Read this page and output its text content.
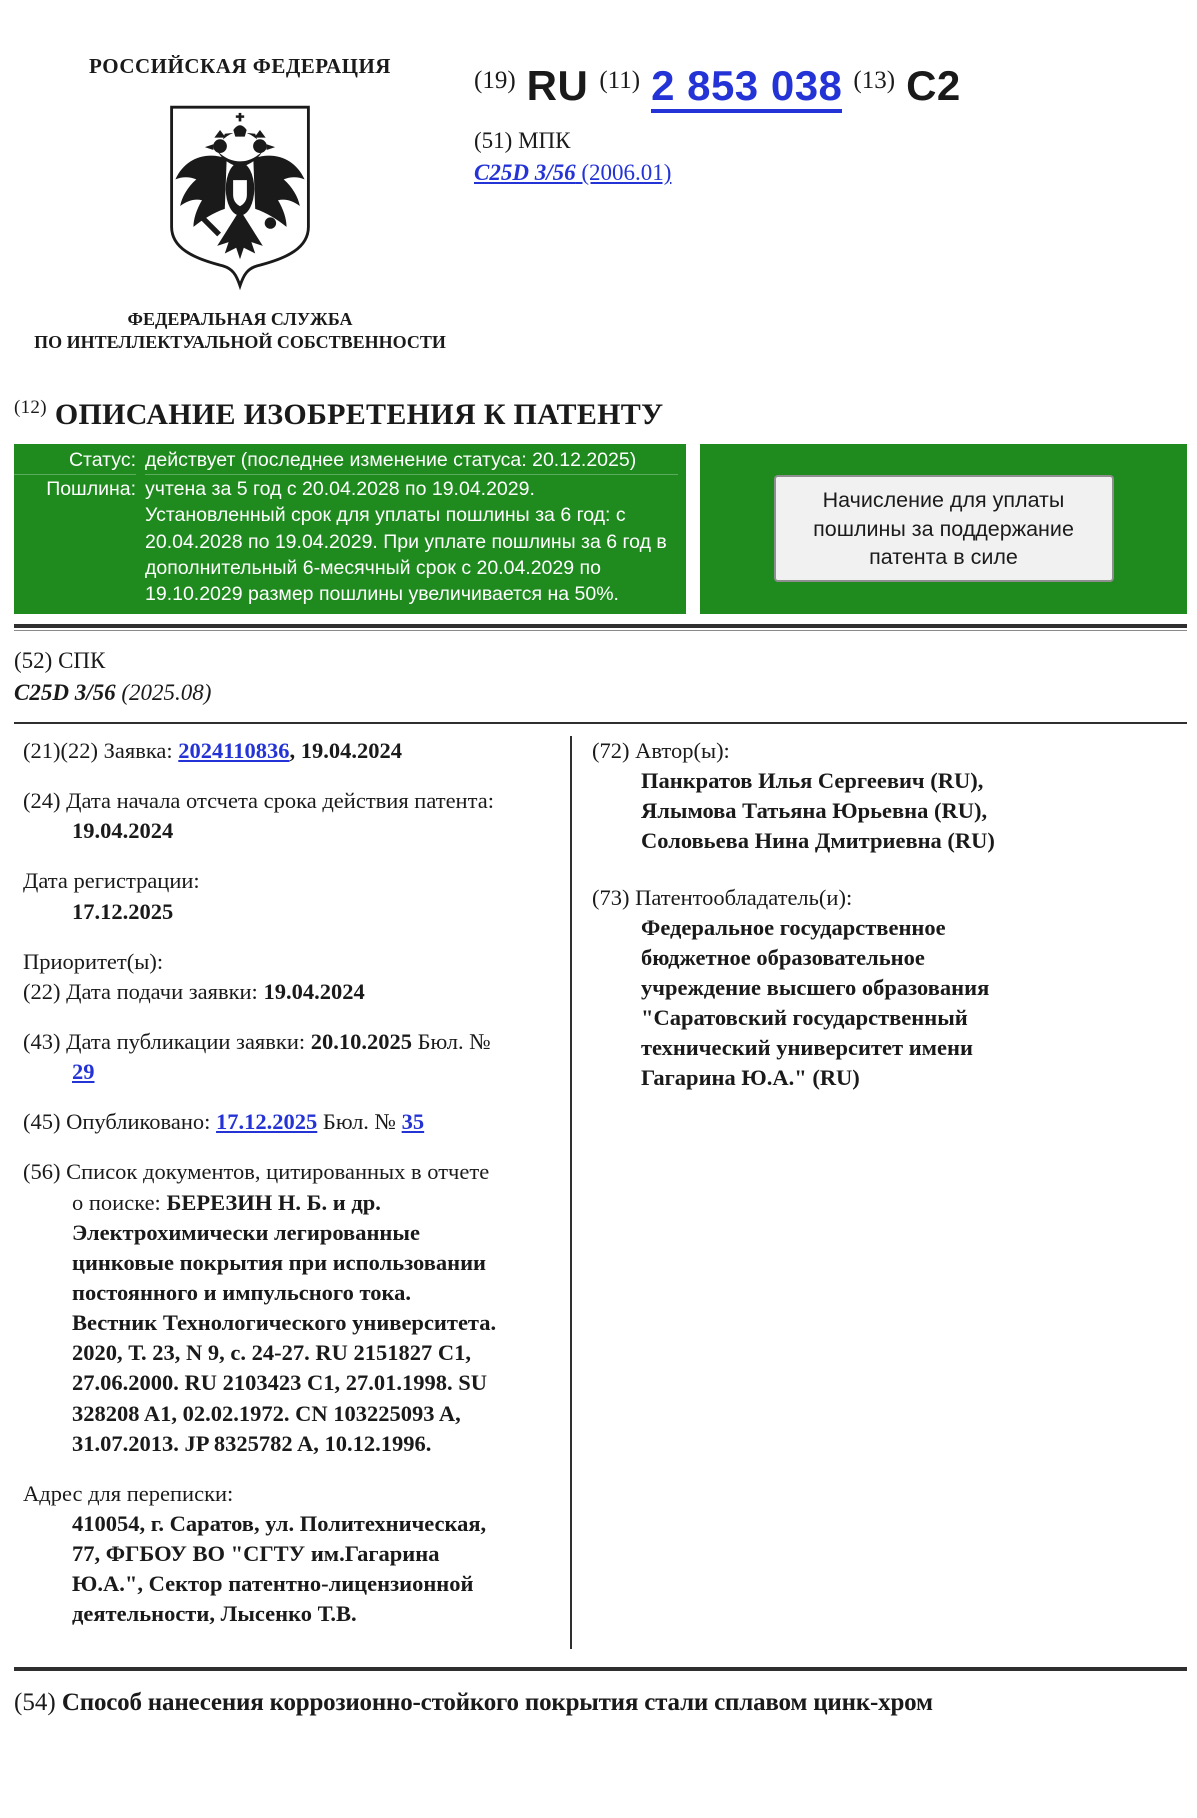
РОССИЙСКАЯ ФЕДЕРАЦИЯ
ФЕДЕРАЛЬНАЯ СЛУЖБА
ПО ИНТЕЛЛЕКТУАЛЬНОЙ СОБСТВЕННОСТИ
(19) RU (11) 2 853 038 (13) C2
(51) МПК
C25D 3/56 (2006.01)
$^{(12)}$ ОПИСАНИЕ ИЗОБРЕТЕНИЯ К ПАТЕНТУ
Статус: действует (последнее изменение статуса: 20.12.2025)
Пошлина: учтена за 5 год с 20.04.2028 по 19.04.2029. Установленный срок для уплаты пошлины за 6 год: с 20.04.2028 по 19.04.2029. При уплате пошлины за 6 год в дополнительный 6-месячный срок с 20.04.2029 по 19.10.2029 размер пошлины увеличивается на 50%.
Начисление для уплаты пошлины за поддержание патента в силе
(52) СПК
C25D 3/56 (2025.08)

(21)(22) Заявка: 2024110836, 19.04.2024

(24) Дата начала отсчета срока действия патента:
19.04.2024

Дата регистрации:
17.12.2025

Приоритет(ы):

(22) Дата подачи заявки: 19.04.2024

(43) Дата публикации заявки: 20.10.2025 Бюл. № 29

(45) Опубликовано: 17.12.2025 Бюл. № 35

(56) Список документов, цитированных в отчете о поиске: БЕРЕЗИН Н. Б. и др. Электрохимически легированные цинковые покрытия при использовании постоянного и импульсного тока. Вестник Технологического университета. 2020, Т. 23, N 9, с. 24-27. RU 2151827 C1, 27.06.2000. RU 2103423 C1, 27.01.1998. SU 328208 A1, 02.02.1972. CN 103225093 A, 31.07.2013. JP 8325782 A, 10.12.1996.

Адрес для переписки:
410054, г. Саратов, ул. Политехническая, 77, ФГБОУ ВО "СГТУ им.Гагарина Ю.А.", Сектор патентно-лицензионной деятельности, Лысенко Т.В.

(72) Автор(ы):
Панкратов Илья Сергеевич (RU),
Ялымова Татьяна Юрьевна (RU),
Соловьева Нина Дмитриевна (RU)

(73) Патентообладатель(и):
Федеральное государственное бюджетное образовательное учреждение высшего образования "Саратовский государственный технический университет имени Гагарина Ю.А." (RU)

(54) Способ нанесения коррозионно-стойкого покрытия стали сплавом цинк-хром
